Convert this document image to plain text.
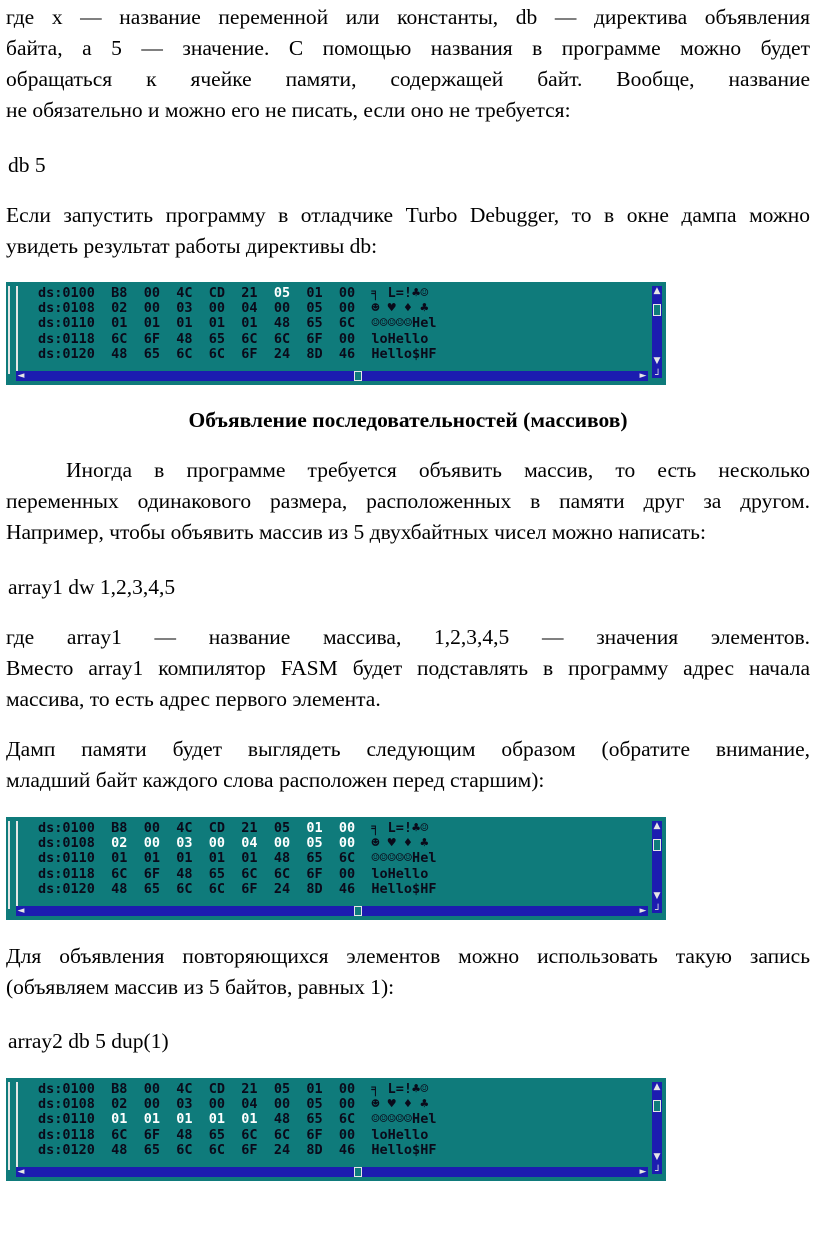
где x — название переменной или константы, db — директива объявления
байта, а 5 — значение. С помощью названия в программе можно будет
обращаться к ячейке памяти, содержащей байт. Вообще, название
не обязательно и можно его не писать, если оно не требуется:
db 5
Если запустить программу в отладчике Turbo Debugger, то в окне дампа можно
увидеть результат работы директивы db:
ds:0100 B8 00 4C CD 21 05 01 00 ╕ L=!♣☺
ds:0108 02 00 03 00 04 00 05 00 ☻ ♥ ♦ ♣
ds:0110 01 01 01 01 01 48 65 6C ☺☺☺☺☺Hel
ds:0118 6C 6F 48 65 6C 6C 6F 00 loHello
ds:0120 48 65 6C 6C 6F 24 8D 46 Hello$HF
◄	►
▲
▼
┘
Объявление последовательностей (массивов)
Иногда в программе требуется объявить массив, то есть несколько
переменных одинакового размера, расположенных в памяти друг за другом.
Например, чтобы объявить массив из 5 двухбайтных чисел можно написать:
array1 dw 1,2,3,4,5
где array1 — название массива, 1,2,3,4,5 — значения элементов.
Вместо array1 компилятор FASM будет подставлять в программу адрес начала
массива, то есть адрес первого элемента.
Дамп памяти будет выглядеть следующим образом (обратите внимание,
младший байт каждого слова расположен перед старшим):
ds:0100 B8 00 4C CD 21 05 01 00 ╕ L=!♣☺
ds:0108 02 00 03 00 04 00 05 00 ☻ ♥ ♦ ♣
ds:0110 01 01 01 01 01 48 65 6C ☺☺☺☺☺Hel
ds:0118 6C 6F 48 65 6C 6C 6F 00 loHello
ds:0120 48 65 6C 6C 6F 24 8D 46 Hello$HF
◄	►
▲
▼
┘
Для объявления повторяющихся элементов можно использовать такую запись
(объявляем массив из 5 байтов, равных 1):
array2 db 5 dup(1)
ds:0100 B8 00 4C CD 21 05 01 00 ╕ L=!♣☺
ds:0108 02 00 03 00 04 00 05 00 ☻ ♥ ♦ ♣
ds:0110 01 01 01 01 01 48 65 6C ☺☺☺☺☺Hel
ds:0118 6C 6F 48 65 6C 6C 6F 00 loHello
ds:0120 48 65 6C 6C 6F 24 8D 46 Hello$HF
◄	►
▲
▼
┘
